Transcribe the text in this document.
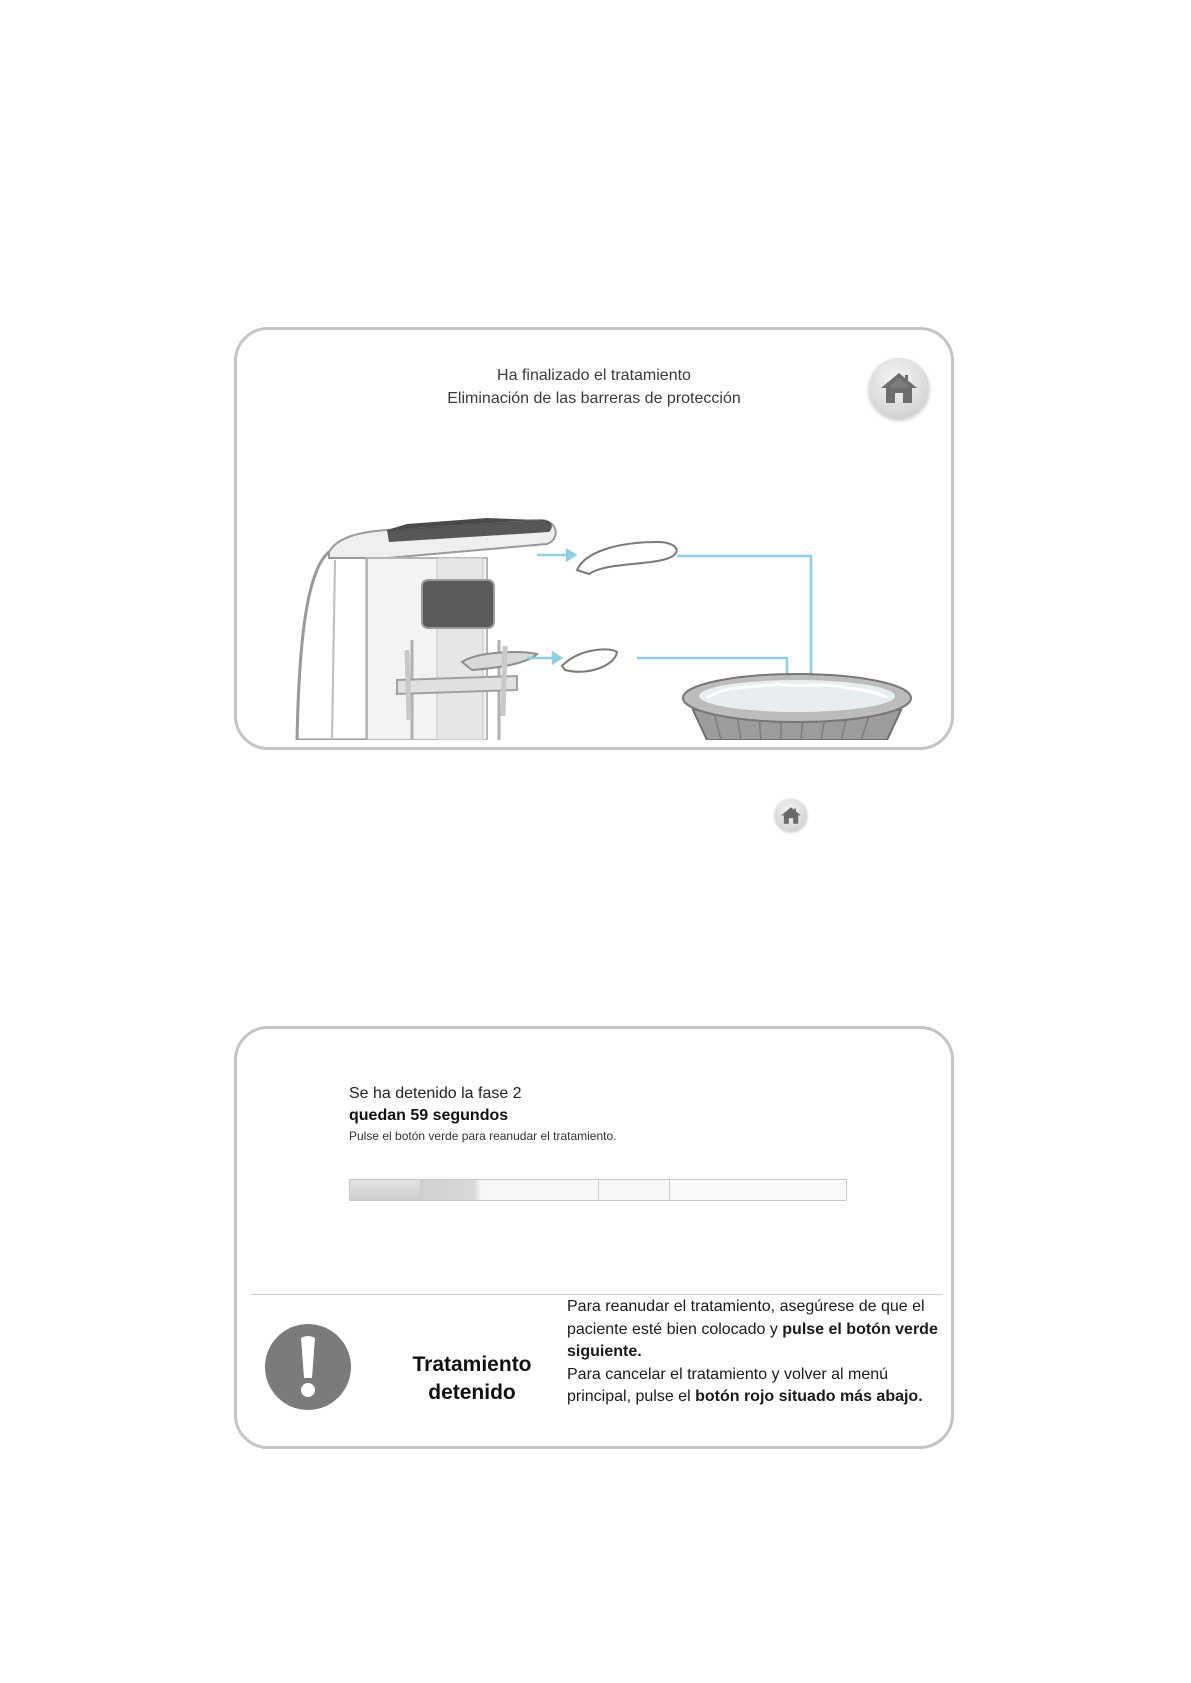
Ha finalizado el tratamiento
Eliminación de las barreras de protección
Se ha detenido la fase 2
quedan 59 segundos
Pulse el botón verde para reanudar el tratamiento.
Tratamiento
detenido
Para reanudar el tratamiento, asegúrese de que el paciente esté bien colocado y pulse el botón verde siguiente.
Para cancelar el tratamiento y volver al menú principal, pulse el botón rojo situado más abajo.
